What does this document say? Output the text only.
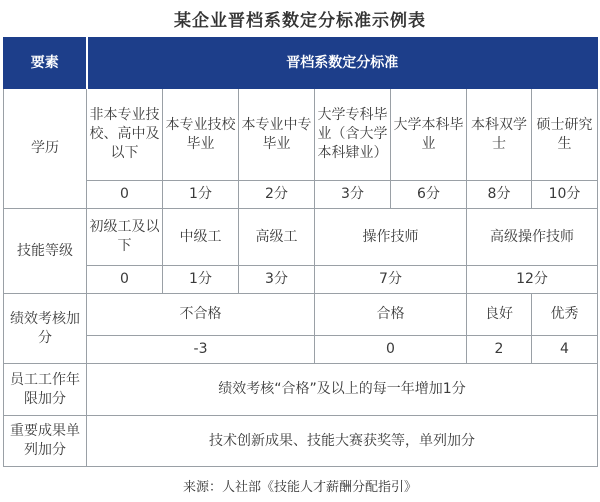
某企业晋档系数定分标准示例表
要素	晋档系数定分标准						
学历	非本专业技校、高中及以下	本专业技校毕业	本专业中专毕业	大学专科毕业（含大学本科肄业）	大学本科毕业	本科双学士	硕士研究生
	0	1分	2分	3分	6分	8分	10分
技能等级	初级工及以下	中级工	高级工	操作技师		高级操作技师	
	0	1分	3分	7分		12分	
绩效考核加分	不合格			合格		良好	优秀
	-3			0		2	4
员工工作年限加分	绩效考核“合格”及以上的每一年增加1分						
重要成果单列加分	技术创新成果、技能大赛获奖等，单列加分						
来源：人社部《技能人才薪酬分配指引》
